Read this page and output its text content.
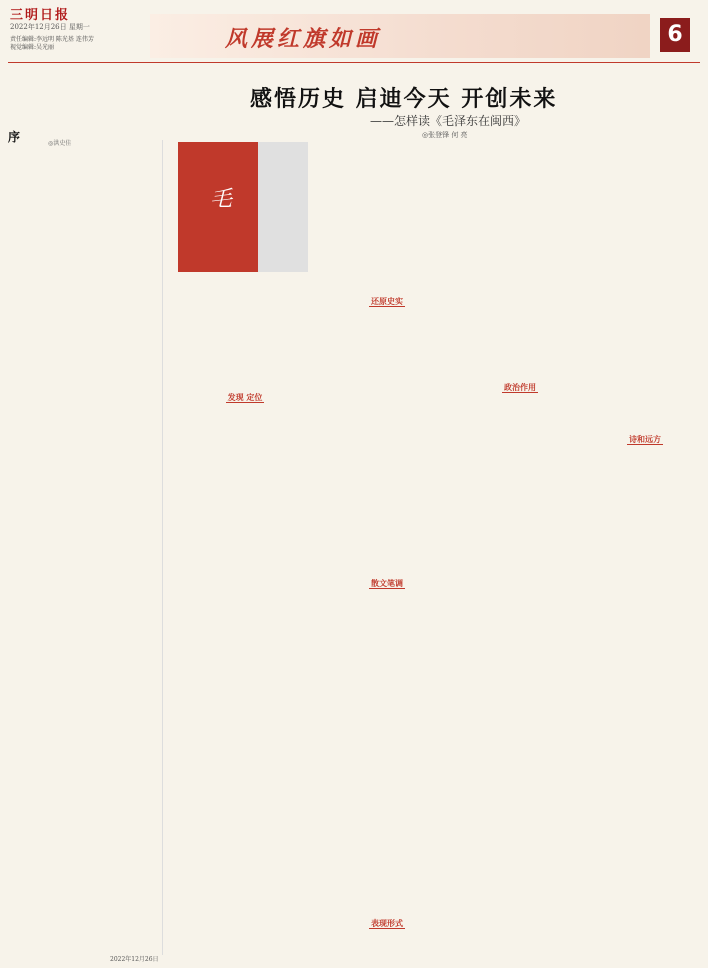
三明日报
2022年12月26日 星期一
责任编辑:李远明 陈光基 连伟芳
视觉编辑:吴光丽	风展红旗如画	6
感悟历史 启迪今天 开创未来
——怎样读《毛泽东在闽西》
◎张登锋 何 亮
序	◎洪史佳
毛
发现 定位
还原史实
散文笔调
表现形式
政治作用
诗和远方
2022年12月26日
